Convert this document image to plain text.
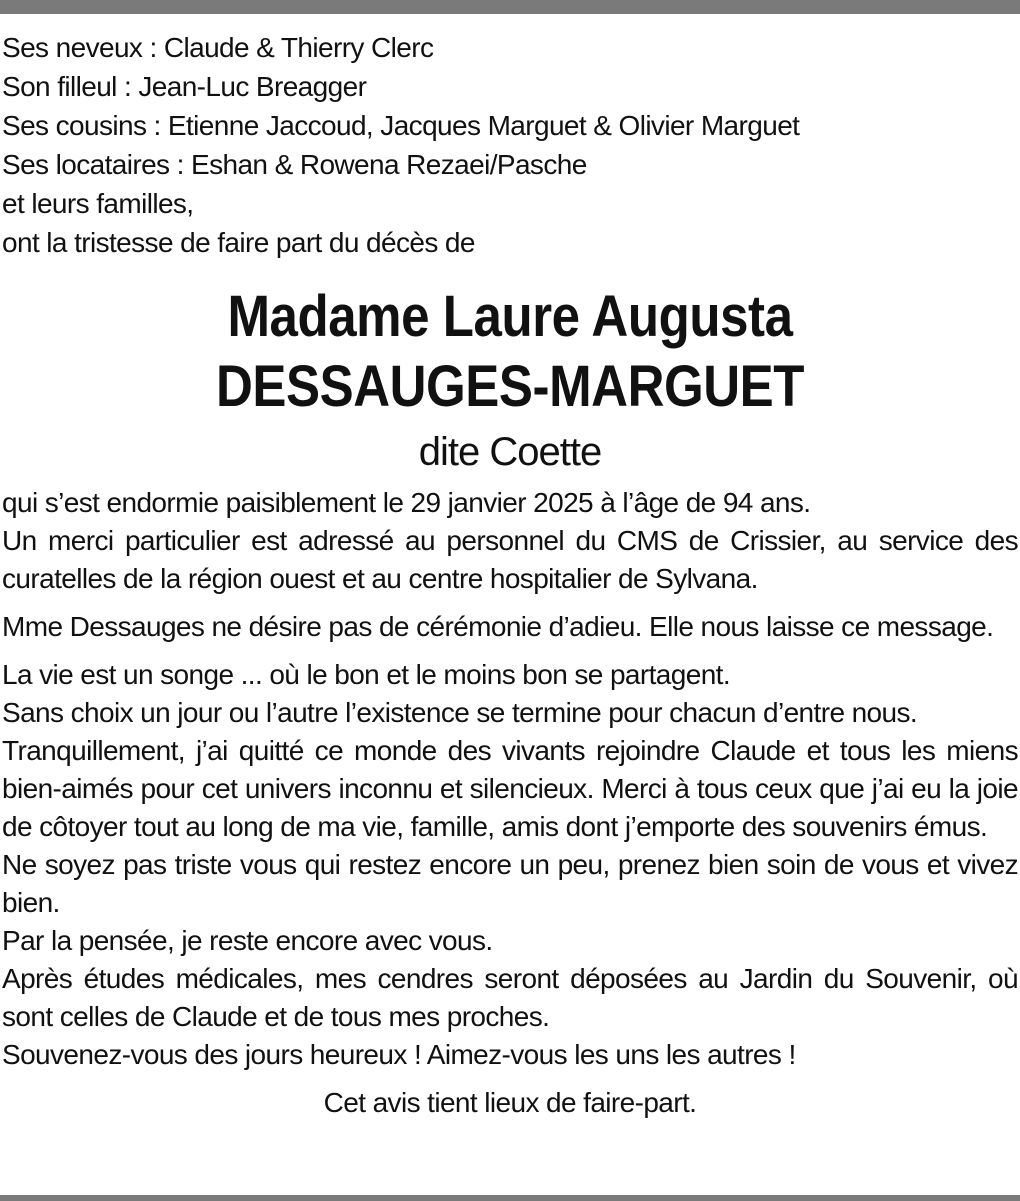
Ses neveux : Claude & Thierry Clerc

Son filleul : Jean-Luc Breagger

Ses cousins : Etienne Jaccoud, Jacques Marguet & Olivier Marguet

Ses locataires : Eshan & Rowena Rezaei/Pasche

et leurs familles,

ont la tristesse de faire part du décès de

Madame Laure Augusta
DESSAUGES-MARGUET
dite Coette

qui s’est endormie paisiblement le 29 janvier 2025 à l’âge de 94 ans.

Un merci particulier est adressé au personnel du CMS de Crissier, au service des curatelles de la région ouest et au centre hospitalier de Sylvana.

Mme Dessauges ne désire pas de cérémonie d’adieu. Elle nous laisse ce message.

La vie est un songe ... où le bon et le moins bon se partagent.

Sans choix un jour ou l’autre l’existence se termine pour chacun d’entre nous.

Tranquillement, j’ai quitté ce monde des vivants rejoindre Claude et tous les miens bien-aimés pour cet univers inconnu et silencieux. Merci à tous ceux que j’ai eu la joie de côtoyer tout au long de ma vie, famille, amis dont j’emporte des souvenirs émus.

Ne soyez pas triste vous qui restez encore un peu, prenez bien soin de vous et vivez bien.

Par la pensée, je reste encore avec vous.

Après études médicales, mes cendres seront déposées au Jardin du Souvenir, où sont celles de Claude et de tous mes proches.

Souvenez-vous des jours heureux ! Aimez-vous les uns les autres !

Cet avis tient lieux de faire-part.
